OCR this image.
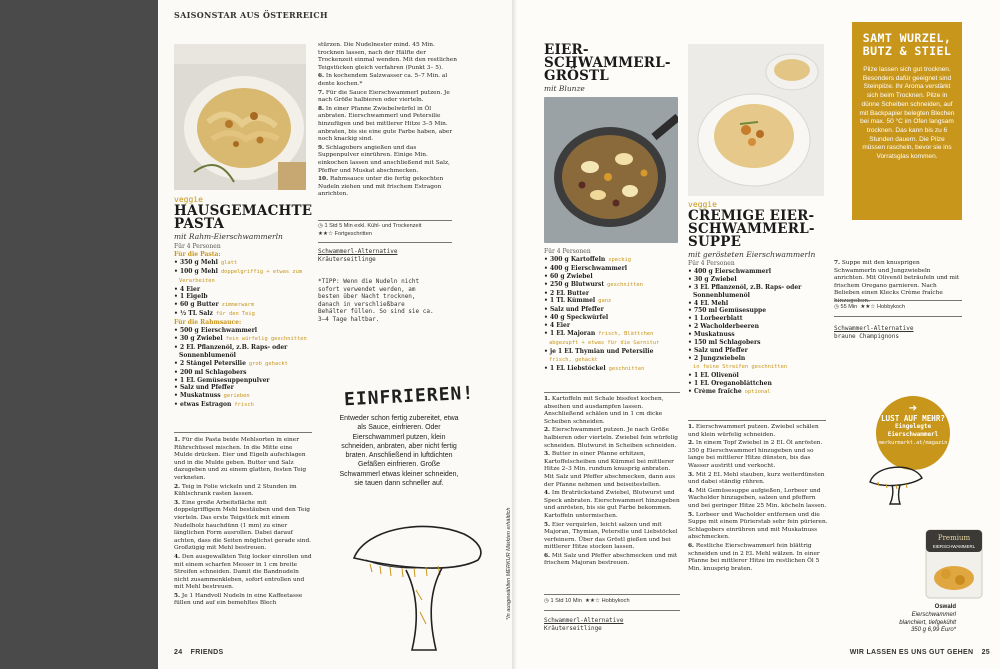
SAISONSTAR AUS ÖSTERREICH
veggie
HAUSGEMACHTE
PASTA
mit Rahm-Eierschwammerln
Für 4 Personen
Für die Pasta:
• 350 g Mehl glatt
• 100 g Mehl doppelgriffig + etwas zum
Verarbeiten
• 4 Eier
• 1 Eigelb
• 60 g Butter zimmerwarm
• ½ TL Salz für den Teig
Für die Rahmsauce:
• 500 g Eierschwammerl
• 30 g Zwiebel fein würfelig geschnitten
• 2 EL Pflanzenöl, z.B. Raps- oder
Sonnenblumenöl
• 2 Stängel Petersilie grob gehackt
• 200 ml Schlagobers
• 1 EL Gemüsesuppenpulver
• Salz und Pfeffer
• Muskatnuss gerieben
• etwas Estragon frisch

1. Für die Pasta beide Mehlsorten in einer Rührschüssel mischen. In die Mitte eine Mulde drücken. Eier und Eigelb aufschlagen und in die Mulde geben. Butter und Salz dazugeben und zu einem glatten, festen Teig verkneten.

2. Teig in Folie wickeln und 2 Stunden im Kühlschrank rasten lassen.

3. Eine große Arbeitsfläche mit doppelgriffigem Mehl bestäuben und den Teig vierteln. Das erste Teigstück mit einem Nudelholz hauchdünn (1 mm) zu einer länglichen Form ausrollen. Dabei darauf achten, dass die Seiten möglichst gerade sind. Großzügig mit Mehl bestreuen.

4. Den ausgewalkten Teig locker einrollen und mit einem scharfen Messer in 1 cm breite Streifen schneiden. Damit die Bandnudeln nicht zusammenkleben, sofort entrollen und mit Mehl bestreuen.

5. Je 1 Handvoll Nudeln in eine Kaffeetasse füllen und auf ein bemehltes Blech

stürzen. Die Nudelnester mind. 45 Min. trocknen lassen, nach der Hälfte der Trockenzeit einmal wenden. Mit den restlichen Teigstücken gleich verfahren (Punkt 3– 5).

6. In kochendem Salzwasser ca. 5–7 Min. al dente kochen.*

7. Für die Sauce Eierschwammerl putzen. Je nach Größe halbieren oder vierteln.

8. In einer Pfanne Zwiebelwürfel in Öl anbraten. Eierschwammerl und Petersilie hinzufügen und bei mittlerer Hitze 3–5 Min. anbraten, bis sie eine gute Farbe haben, aber noch knackig sind.

9. Schlagobers angießen und das Suppenpulver einrühren. Einige Min. einkochen lassen und anschließend mit Salz, Pfeffer und Muskat abschmecken.

10. Rahmsauce unter die fertig gekochten Nudeln ziehen und mit frischem Estragon anrichten.

◷ 1 Std 5 Min exkl. Kühl- und Trockenzeit
★★☆ Fortgeschritten
Schwammerl-Alternative
Kräuterseitlinge
*TIPP: Wenn die Nudeln nicht sofort verwendet werden, am besten über Nacht trocknen, danach in verschließbare Behälter füllen. So sind sie ca. 3–4 Tage haltbar.
EINFRIEREN!
Entweder schon fertig zubereitet, etwa als Sauce, einfrieren. Oder Eierschwammerl putzen, klein schneiden, anbraten, aber nicht fertig braten. Anschließend in luftdichten Gefäßen einfrieren. Große Schwammerl etwas kleiner schneiden, sie tauen dann schneller auf.
*In ausgewählten MERKUR Märkten erhältlich
24 FRIENDS
EIER-
SCHWAMMERL-
GRÖSTL
mit Blunze
Für 4 Personen
• 300 g Kartoffeln speckig
• 400 g Eierschwammerl
• 60 g Zwiebel
• 250 g Blutwurst geschnitten
• 2 EL Butter
• 1 TL Kümmel ganz
• Salz und Pfeffer
• 40 g Speckwürfel
• 4 Eier
• 1 EL Majoran frisch, Blättchen
abgezupft + etwas für die Garnitur
• je 1 EL Thymian und Petersilie
frisch, gehackt
• 1 EL Liebstöckel geschnitten

1. Kartoffeln mit Schale bissfest kochen, abseihen und ausdampfen lassen. Anschließend schälen und in 1 cm dicke Scheiben schneiden.

2. Eierschwammerl putzen. Je nach Größe halbieren oder vierteln. Zwiebel fein würfelig schneiden. Blutwurst in Scheiben schneiden.

3. Butter in einer Pfanne erhitzen, Kartoffelscheiben und Kümmel bei mittlerer Hitze 2–3 Min. rundum knusprig anbraten. Mit Salz und Pfeffer abschmecken, dann aus der Pfanne nehmen und beiseitestellen.

4. Im Bratrückstand Zwiebel, Blutwurst und Speck anbraten. Eierschwammerl hinzugeben und anrösten, bis sie gut Farbe bekommen. Kartoffeln untermischen.

5. Eier verquirlen, leicht salzen und mit Majoran, Thymian, Petersilie und Liebstöckel verfeinern. Über das Gröstl gießen und bei mittlerer Hitze stocken lassen.

6. Mit Salz und Pfeffer abschmecken und mit frischem Majoran bestreuen.

◷ 1 Std 10 Min ★★☆ Hobbykoch
Schwammerl-Alternative
Kräuterseitlinge
veggie
CREMIGE EIER-
SCHWAMMERL-
SUPPE
mit gerösteten Eierschwammerln
Für 4 Personen
• 400 g Eierschwammerl
• 30 g Zwiebel
• 3 EL Pflanzenöl, z.B. Raps- oder
Sonnenblumenöl
• 4 EL Mehl
• 750 ml Gemüsesuppe
• 1 Lorbeerblatt
• 2 Wacholderbeeren
• Muskatnuss
• 150 ml Schlagobers
• Salz und Pfeffer
• 2 Jungzwiebeln
in feine Streifen geschnitten
• 1 EL Olivenöl
• 1 EL Oreganoblättchen
• Crème fraîche optional

1. Eierschwammerl putzen. Zwiebel schälen und klein würfelig schneiden.

2. In einem Topf Zwiebel in 2 EL Öl anrösten. 350 g Eierschwammerl hinzugeben und so lange bei mittlerer Hitze dünsten, bis das Wasser austritt und verkocht.

3. Mit 2 EL Mehl stauben, kurz weiterdünsten und dabei ständig rühren.

4. Mit Gemüsesuppe aufgießen, Lorbeer und Wacholder hinzugeben, salzen und pfeffern und bei geringer Hitze 25 Min. köcheln lassen.

5. Lorbeer und Wacholder entfernen und die Suppe mit einem Pürierstab sehr fein pürieren. Schlagobers einrühren und mit Muskatnuss abschmecken.

6. Restliche Eierschwammerl fein blättrig schneiden und in 2 EL Mehl wälzen. In einer Pfanne bei mittlerer Hitze im restlichen Öl 5 Min. knusprig braten.

7. Suppe mit den knusprigen Schwammerln und Jungzwiebeln anrichten. Mit Olivenöl beträufeln und mit frischem Oregano garnieren. Nach Belieben einen Klecks Crème fraîche hinzugeben.

◷ 55 Min ★★☆ Hobbykoch
Schwammerl-Alternative
braune Champignons
SAMT WURZEL,
BUTZ & STIEL
Pilze lassen sich gut trocknen. Besonders dafür geeignet sind Steinpilze. Ihr Aroma verstärkt sich beim Trocknen. Pilze in dünne Scheiben schneiden, auf mit Backpapier belegten Blechen bei max. 50 °C im Ofen langsam trocknen. Das kann bis zu 6 Stunden dauern. Die Pilze müssen rascheln, bevor sie ins Vorratsglas kommen.
➔
LUST AUF MEHR?
Eingelegte Eierschwammerl
merkurmarkt.at/magazin
Premium
EIERSCHWAMMERL
Oswald
Eierschwammerl
blanchiert, tiefgekühlt
350 g 6,99 Euro*
WIR LASSEN ES UNS GUT GEHEN 25
